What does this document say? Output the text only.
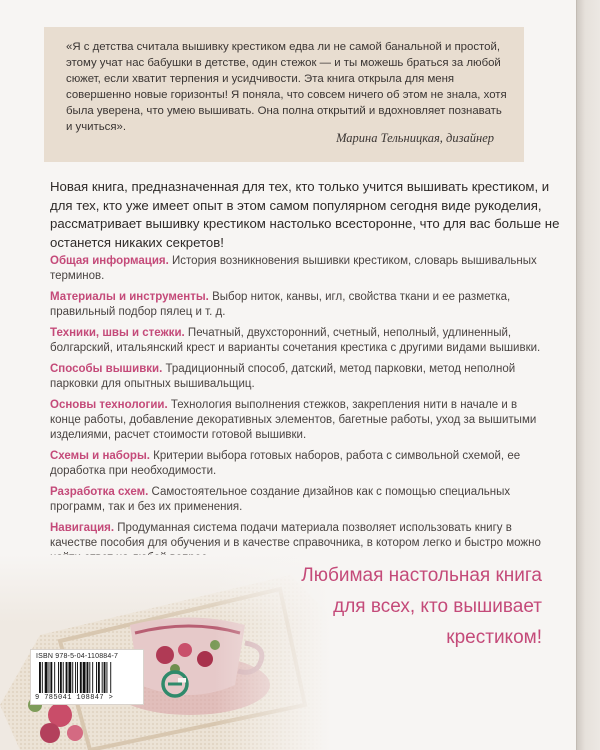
«Я с детства считала вышивку крестиком едва ли не самой банальной и простой, этому учат нас бабушки в детстве, один стежок — и ты можешь браться за любой сюжет, если хватит терпения и усидчивости. Эта книга открыла для меня совершенно новые горизонты! Я поняла, что совсем ничего об этом не знала, хотя была уверена, что умею вышивать. Она полна открытий и вдохновляет познавать и учиться».
Марина Тельницкая, дизайнер
Новая книга, предназначенная для тех, кто только учится вышивать крестиком, и для тех, кто уже имеет опыт в этом самом популярном сегодня виде рукоделия, рассматривает вышивку крестиком настолько всесторонне, что для вас больше не останется никаких секретов!

Общая информация. История возникновения вышивки крестиком, словарь вышивальных терминов.

Материалы и инструменты. Выбор ниток, канвы, игл, свойства ткани и ее разметка, правильный подбор пялец и т. д.

Техники, швы и стежки. Печатный, двухсторонний, счетный, неполный, удлиненный, болгарский, итальянский крест и варианты сочетания крестика с другими видами вышивки.

Способы вышивки. Традиционный способ, датский, метод парковки, метод неполной парковки для опытных вышивальщиц.

Основы технологии. Технология выполнения стежков, закрепления нити в начале и в конце работы, добавление декоративных элементов, багетные работы, уход за вышитыми изделиями, расчет стоимости готовой вышивки.

Схемы и наборы. Критерии выбора готовых наборов, работа с символьной схемой, ее доработка при необходимости.

Разработка схем. Самостоятельное создание дизайнов как с помощью специальных программ, так и без их применения.

Навигация. Продуманная система подачи материала позволяет использовать книгу в качестве пособия для обучения и в качестве справочника, в котором легко и быстро можно

Любимая настольная книга
для всех, кто вышивает
крестиком!
ISBN 978-5-04-110884-7
9 785041 108847 >
